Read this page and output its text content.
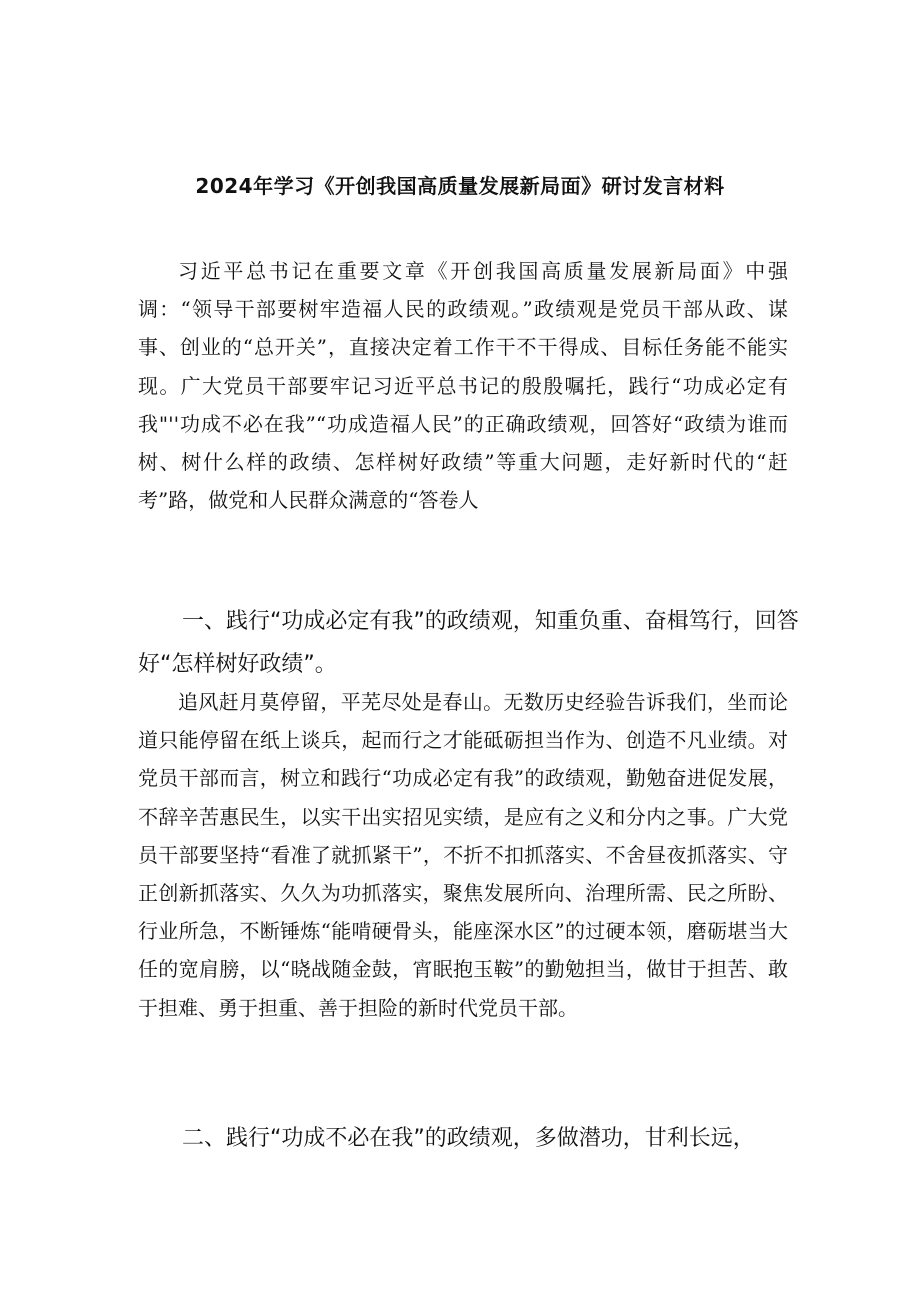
2024年学习《开创我国高质量发展新局面》研讨发言材料

习近平总书记在重要文章《开创我国高质量发展新局面》中强调：“领导干部要树牢造福人民的政绩观。”政绩观是党员干部从政、谋事、创业的“总开关”，直接决定着工作干不干得成、目标任务能不能实现。广大党员干部要牢记习近平总书记的殷殷嘱托，践行“功成必定有我"''功成不必在我”“功成造福人民”的正确政绩观，回答好“政绩为谁而树、树什么样的政绩、怎样树好政绩”等重大问题，走好新时代的“赶考”路，做党和人民群众满意的“答卷人

一、践行“功成必定有我”的政绩观，知重负重、奋楫笃行，回答好“怎样树好政绩”。

追风赶月莫停留，平芜尽处是春山。无数历史经验告诉我们，坐而论道只能停留在纸上谈兵，起而行之才能砥砺担当作为、创造不凡业绩。对党员干部而言，树立和践行“功成必定有我”的政绩观，勤勉奋进促发展，不辞辛苦惠民生，以实干出实招见实绩，是应有之义和分内之事。广大党员干部要坚持“看准了就抓紧干”，不折不扣抓落实、不舍昼夜抓落实、守正创新抓落实、久久为功抓落实，聚焦发展所向、治理所需、民之所盼、行业所急，不断锤炼“能啃硬骨头，能座深水区”的过硬本领，磨砺堪当大任的宽肩膀，以“晓战随金鼓，宵眠抱玉鞍”的勤勉担当，做甘于担苦、敢于担难、勇于担重、善于担险的新时代党员干部。

二、践行“功成不必在我”的政绩观，多做潜功，甘利长远，
